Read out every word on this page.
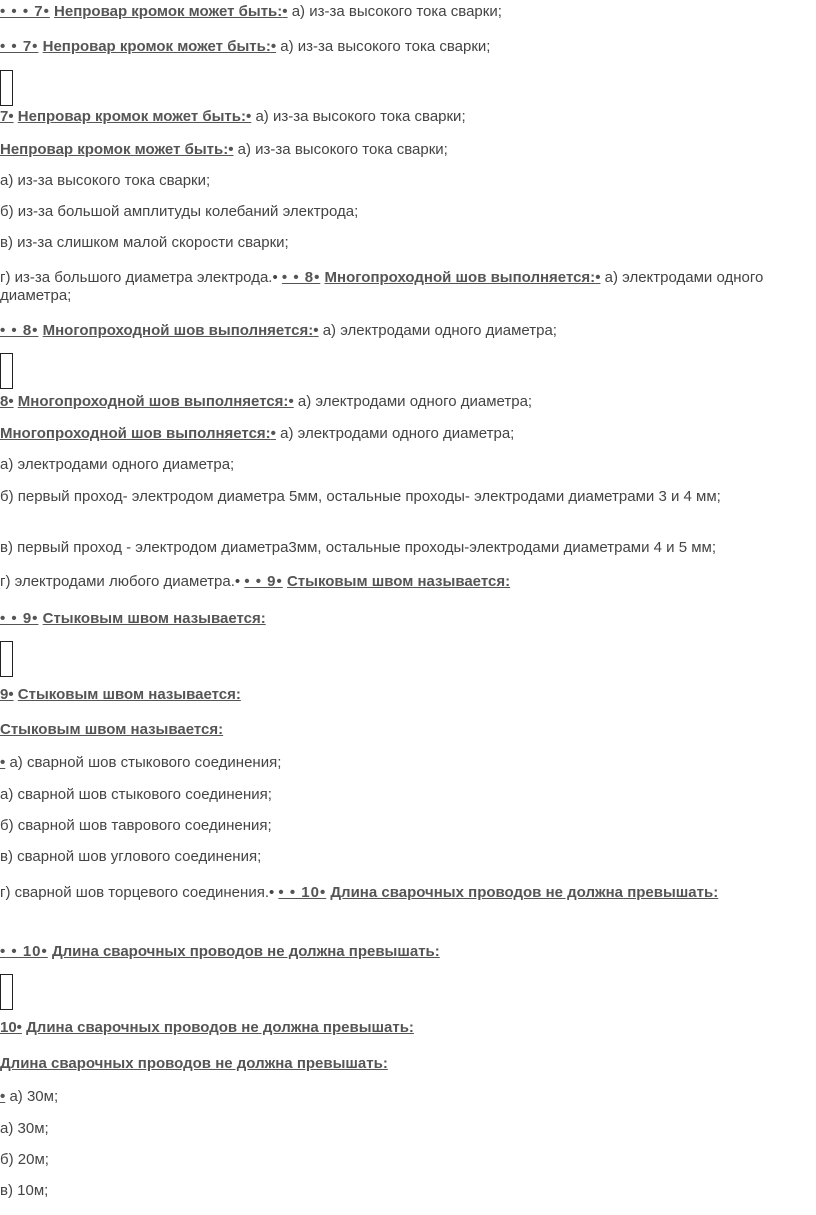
• • • 7• Непровар кромок может быть:• а) из-за высокого тока сварки;
• • 7• Непровар кромок может быть:• а) из-за высокого тока сварки;
7• Непровар кромок может быть:• а) из-за высокого тока сварки;
Непровар кромок может быть:• а) из-за высокого тока сварки;
а) из-за высокого тока сварки;
б) из-за большой амплитуды колебаний электрода;
в) из-за слишком малой скорости сварки;
г) из-за большого диаметра электрода.• • • 8• Многопроходной шов выполняется:• а) электродами одного диаметра;
• • 8• Многопроходной шов выполняется:• а) электродами одного диаметра;
8• Многопроходной шов выполняется:• а) электродами одного диаметра;
Многопроходной шов выполняется:• а) электродами одного диаметра;
а) электродами одного диаметра;
б) первый проход- электродом диаметра 5мм, остальные проходы- электродами диаметрами 3 и 4 мм;
в) первый проход - электродом диаметра3мм, остальные проходы-электродами диаметрами 4 и 5 мм;
г) электродами любого диаметра.• • • 9• Стыковым швом называется:
• • 9• Стыковым швом называется:
9• Стыковым швом называется:
Стыковым швом называется:
• а) сварной шов стыкового соединения;
а) сварной шов стыкового соединения;
б) сварной шов таврового соединения;
в) сварной шов углового соединения;
г) сварной шов торцевого соединения.• • • 10• Длина сварочных проводов не должна превышать:
• • 10• Длина сварочных проводов не должна превышать:
10• Длина сварочных проводов не должна превышать:
Длина сварочных проводов не должна превышать:
• а) 30м;
а) 30м;
б) 20м;
в) 10м;
